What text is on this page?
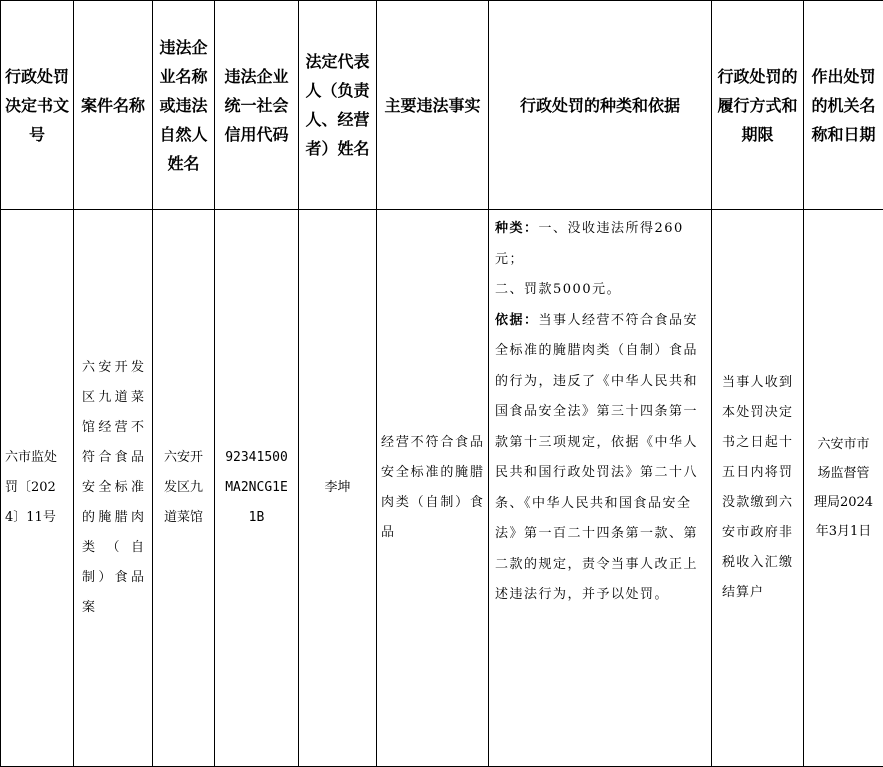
行政处罚决定书文号	案件名称	违法企业名称或违法自然人姓名	违法企业统一社会信用代码	法定代表人（负责人、经营者）姓名	主要违法事实	行政处罚的种类和依据	行政处罚的履行方式和期限	作出处罚的机关名称和日期
六市监处罚〔2024〕11号	六安开发区九道菜馆经营不符合食品安全标准的腌腊肉类（自制）食品案	六安开发区九道菜馆	92341500MA2NCG1E1B	李坤	经营不符合食品安全标准的腌腊肉类（自制）食品	种类：一、没收违法所得260元；

二、罚款5000元。

依据：当事人经营不符合食品安全标准的腌腊肉类（自制）食品的行为，违反了《中华人民共和国食品安全法》第三十四条第一款第十三项规定，依据《中华人民共和国行政处罚法》第二十八条、《中华人民共和国食品安全法》第一百二十四条第一款、第二款的规定，责令当事人改正上述违法行为，并予以处罚。	当事人收到本处罚决定书之日起十五日内将罚没款缴到六安市政府非税收入汇缴结算户	六安市市场监督管理局2024年3月1日
